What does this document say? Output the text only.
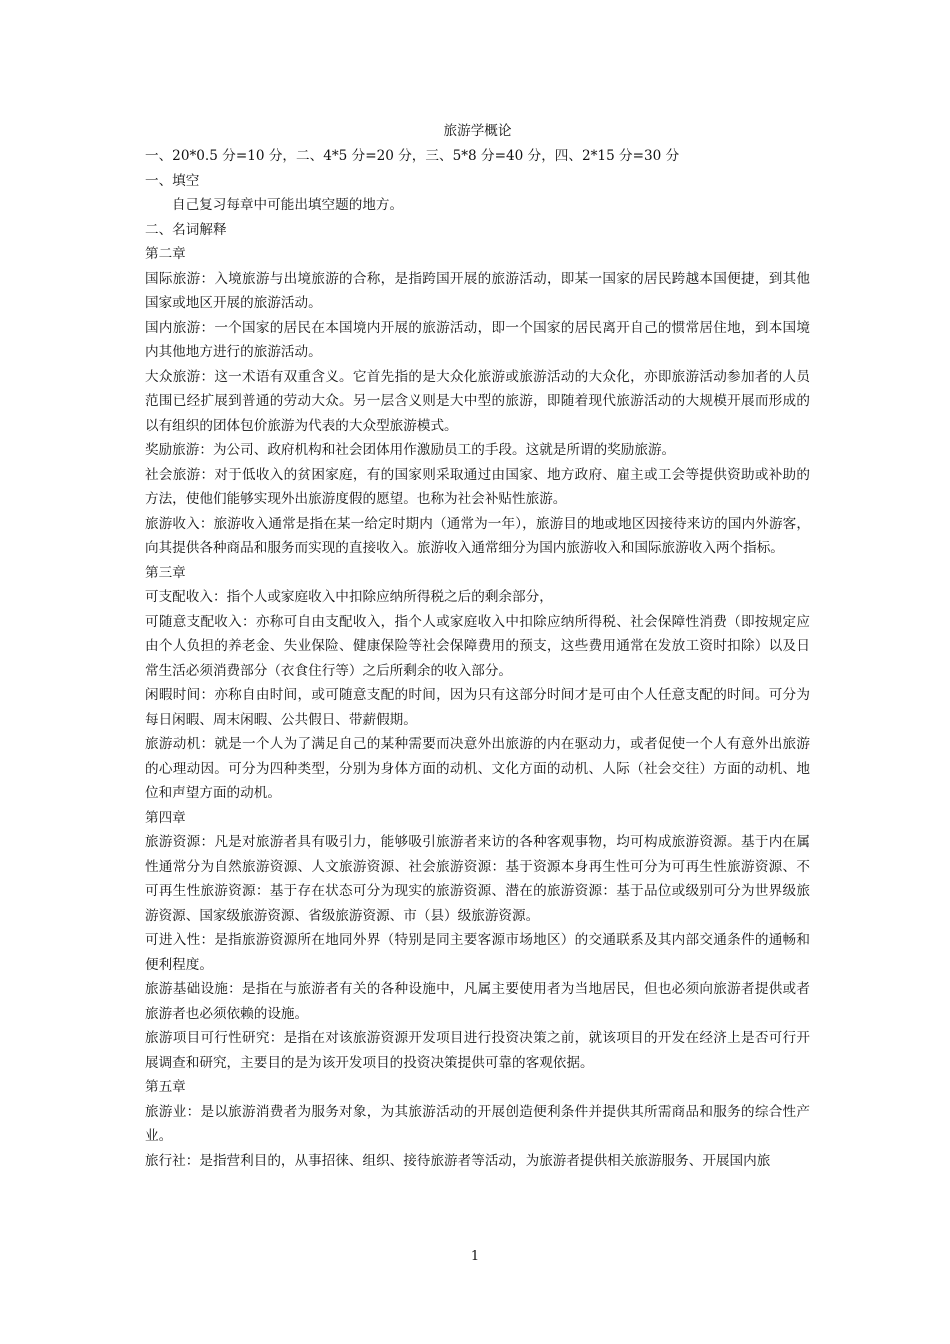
旅游学概论

一、20*0.5 分=10 分，二、4*5 分=20 分，三、5*8 分=40 分，四、2*15 分=30 分

一、填空

自己复习每章中可能出填空题的地方。

二、名词解释

第二章

国际旅游：入境旅游与出境旅游的合称，是指跨国开展的旅游活动，即某一国家的居民跨越本国便捷，到其他国家或地区开展的旅游活动。

国内旅游：一个国家的居民在本国境内开展的旅游活动，即一个国家的居民离开自己的惯常居住地，到本国境内其他地方进行的旅游活动。

大众旅游：这一术语有双重含义。它首先指的是大众化旅游或旅游活动的大众化，亦即旅游活动参加者的人员范围已经扩展到普通的劳动大众。另一层含义则是大中型的旅游，即随着现代旅游活动的大规模开展而形成的以有组织的团体包价旅游为代表的大众型旅游模式。

奖励旅游：为公司、政府机构和社会团体用作激励员工的手段。这就是所谓的奖励旅游。

社会旅游：对于低收入的贫困家庭，有的国家则采取通过由国家、地方政府、雇主或工会等提供资助或补助的方法，使他们能够实现外出旅游度假的愿望。也称为社会补贴性旅游。

旅游收入：旅游收入通常是指在某一给定时期内（通常为一年），旅游目的地或地区因接待来访的国内外游客，向其提供各种商品和服务而实现的直接收入。旅游收入通常细分为国内旅游收入和国际旅游收入两个指标。

第三章

可支配收入：指个人或家庭收入中扣除应纳所得税之后的剩余部分，

可随意支配收入：亦称可自由支配收入，指个人或家庭收入中扣除应纳所得税、社会保障性消费（即按规定应由个人负担的养老金、失业保险、健康保险等社会保障费用的预支，这些费用通常在发放工资时扣除）以及日常生活必须消费部分（衣食住行等）之后所剩余的收入部分。

闲暇时间：亦称自由时间，或可随意支配的时间，因为只有这部分时间才是可由个人任意支配的时间。可分为每日闲暇、周末闲暇、公共假日、带薪假期。

旅游动机：就是一个人为了满足自己的某种需要而决意外出旅游的内在驱动力，或者促使一个人有意外出旅游的心理动因。可分为四种类型，分别为身体方面的动机、文化方面的动机、人际（社会交往）方面的动机、地位和声望方面的动机。

第四章

旅游资源：凡是对旅游者具有吸引力，能够吸引旅游者来访的各种客观事物，均可构成旅游资源。基于内在属性通常分为自然旅游资源、人文旅游资源、社会旅游资源：基于资源本身再生性可分为可再生性旅游资源、不可再生性旅游资源：基于存在状态可分为现实的旅游资源、潜在的旅游资源：基于品位或级别可分为世界级旅游资源、国家级旅游资源、省级旅游资源、市（县）级旅游资源。

可进入性：是指旅游资源所在地同外界（特别是同主要客源市场地区）的交通联系及其内部交通条件的通畅和便利程度。

旅游基础设施：是指在与旅游者有关的各种设施中，凡属主要使用者为当地居民，但也必须向旅游者提供或者旅游者也必须依赖的设施。

旅游项目可行性研究：是指在对该旅游资源开发项目进行投资决策之前，就该项目的开发在经济上是否可行开展调查和研究，主要目的是为该开发项目的投资决策提供可靠的客观依据。

第五章

旅游业：是以旅游消费者为服务对象，为其旅游活动的开展创造便利条件并提供其所需商品和服务的综合性产业。

旅行社：是指营利目的，从事招徕、组织、接待旅游者等活动，为旅游者提供相关旅游服务、开展国内旅

1
